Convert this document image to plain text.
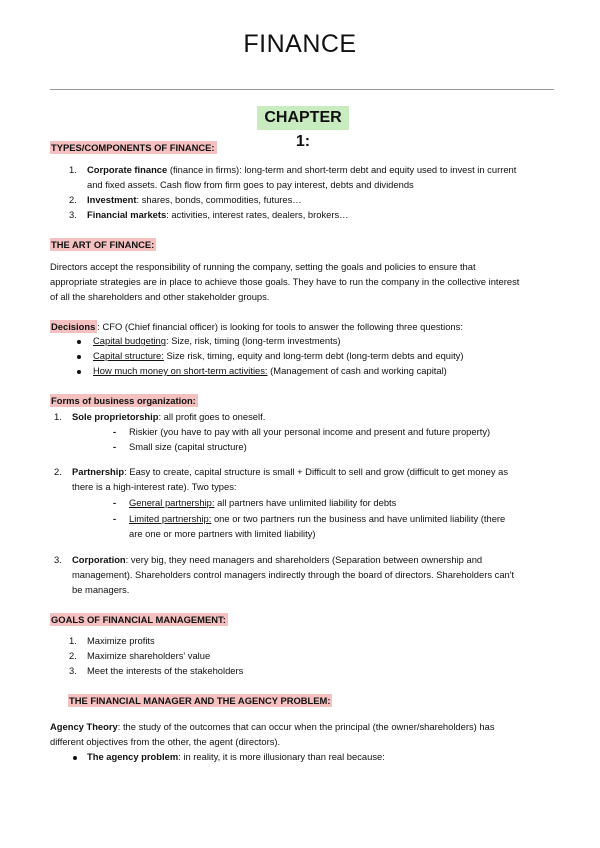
FINANCE
CHAPTER 1:
TYPES/COMPONENTS OF FINANCE:
1. Corporate finance (finance in firms): long-term and short-term debt and equity used to invest in current
and fixed assets. Cash flow from firm goes to pay interest, debts and dividends
2. Investment: shares, bonds, commodities, futures…
3. Financial markets: activities, interest rates, dealers, brokers…
THE ART OF FINANCE:
Directors accept the responsibility of running the company, setting the goals and policies to ensure that
appropriate strategies are in place to achieve those goals. They have to run the company in the collective interest
of all the shareholders and other stakeholder groups.
Decisions : CFO (Chief financial officer) is looking for tools to answer the following three questions:
Capital budgeting: Size, risk, timing (long-term investments)
Capital structure: Size risk, timing, equity and long-term debt (long-term debts and equity)
How much money on short-term activities: (Management of cash and working capital)
Forms of business organization:
1. Sole proprietorship: all profit goes to oneself.
- Riskier (you have to pay with all your personal income and present and future property)
- Small size (capital structure)
2. Partnership: Easy to create, capital structure is small + Difficult to sell and grow (difficult to get money as
there is a high-interest rate). Two types:
- General partnership: all partners have unlimited liability for debts
- Limited partnership: one or two partners run the business and have unlimited liability (there
are one or more partners with limited liability)
3. Corporation: very big, they need managers and shareholders (Separation between ownership and
management). Shareholders control managers indirectly through the board of directors. Shareholders can't
be managers.
GOALS OF FINANCIAL MANAGEMENT:
1. Maximize profits
2. Maximize shareholders' value
3. Meet the interests of the stakeholders
THE FINANCIAL MANAGER AND THE AGENCY PROBLEM:
Agency Theory: the study of the outcomes that can occur when the principal (the owner/shareholders) has
different objectives from the other, the agent (directors).
The agency problem: in reality, it is more illusionary than real because:
